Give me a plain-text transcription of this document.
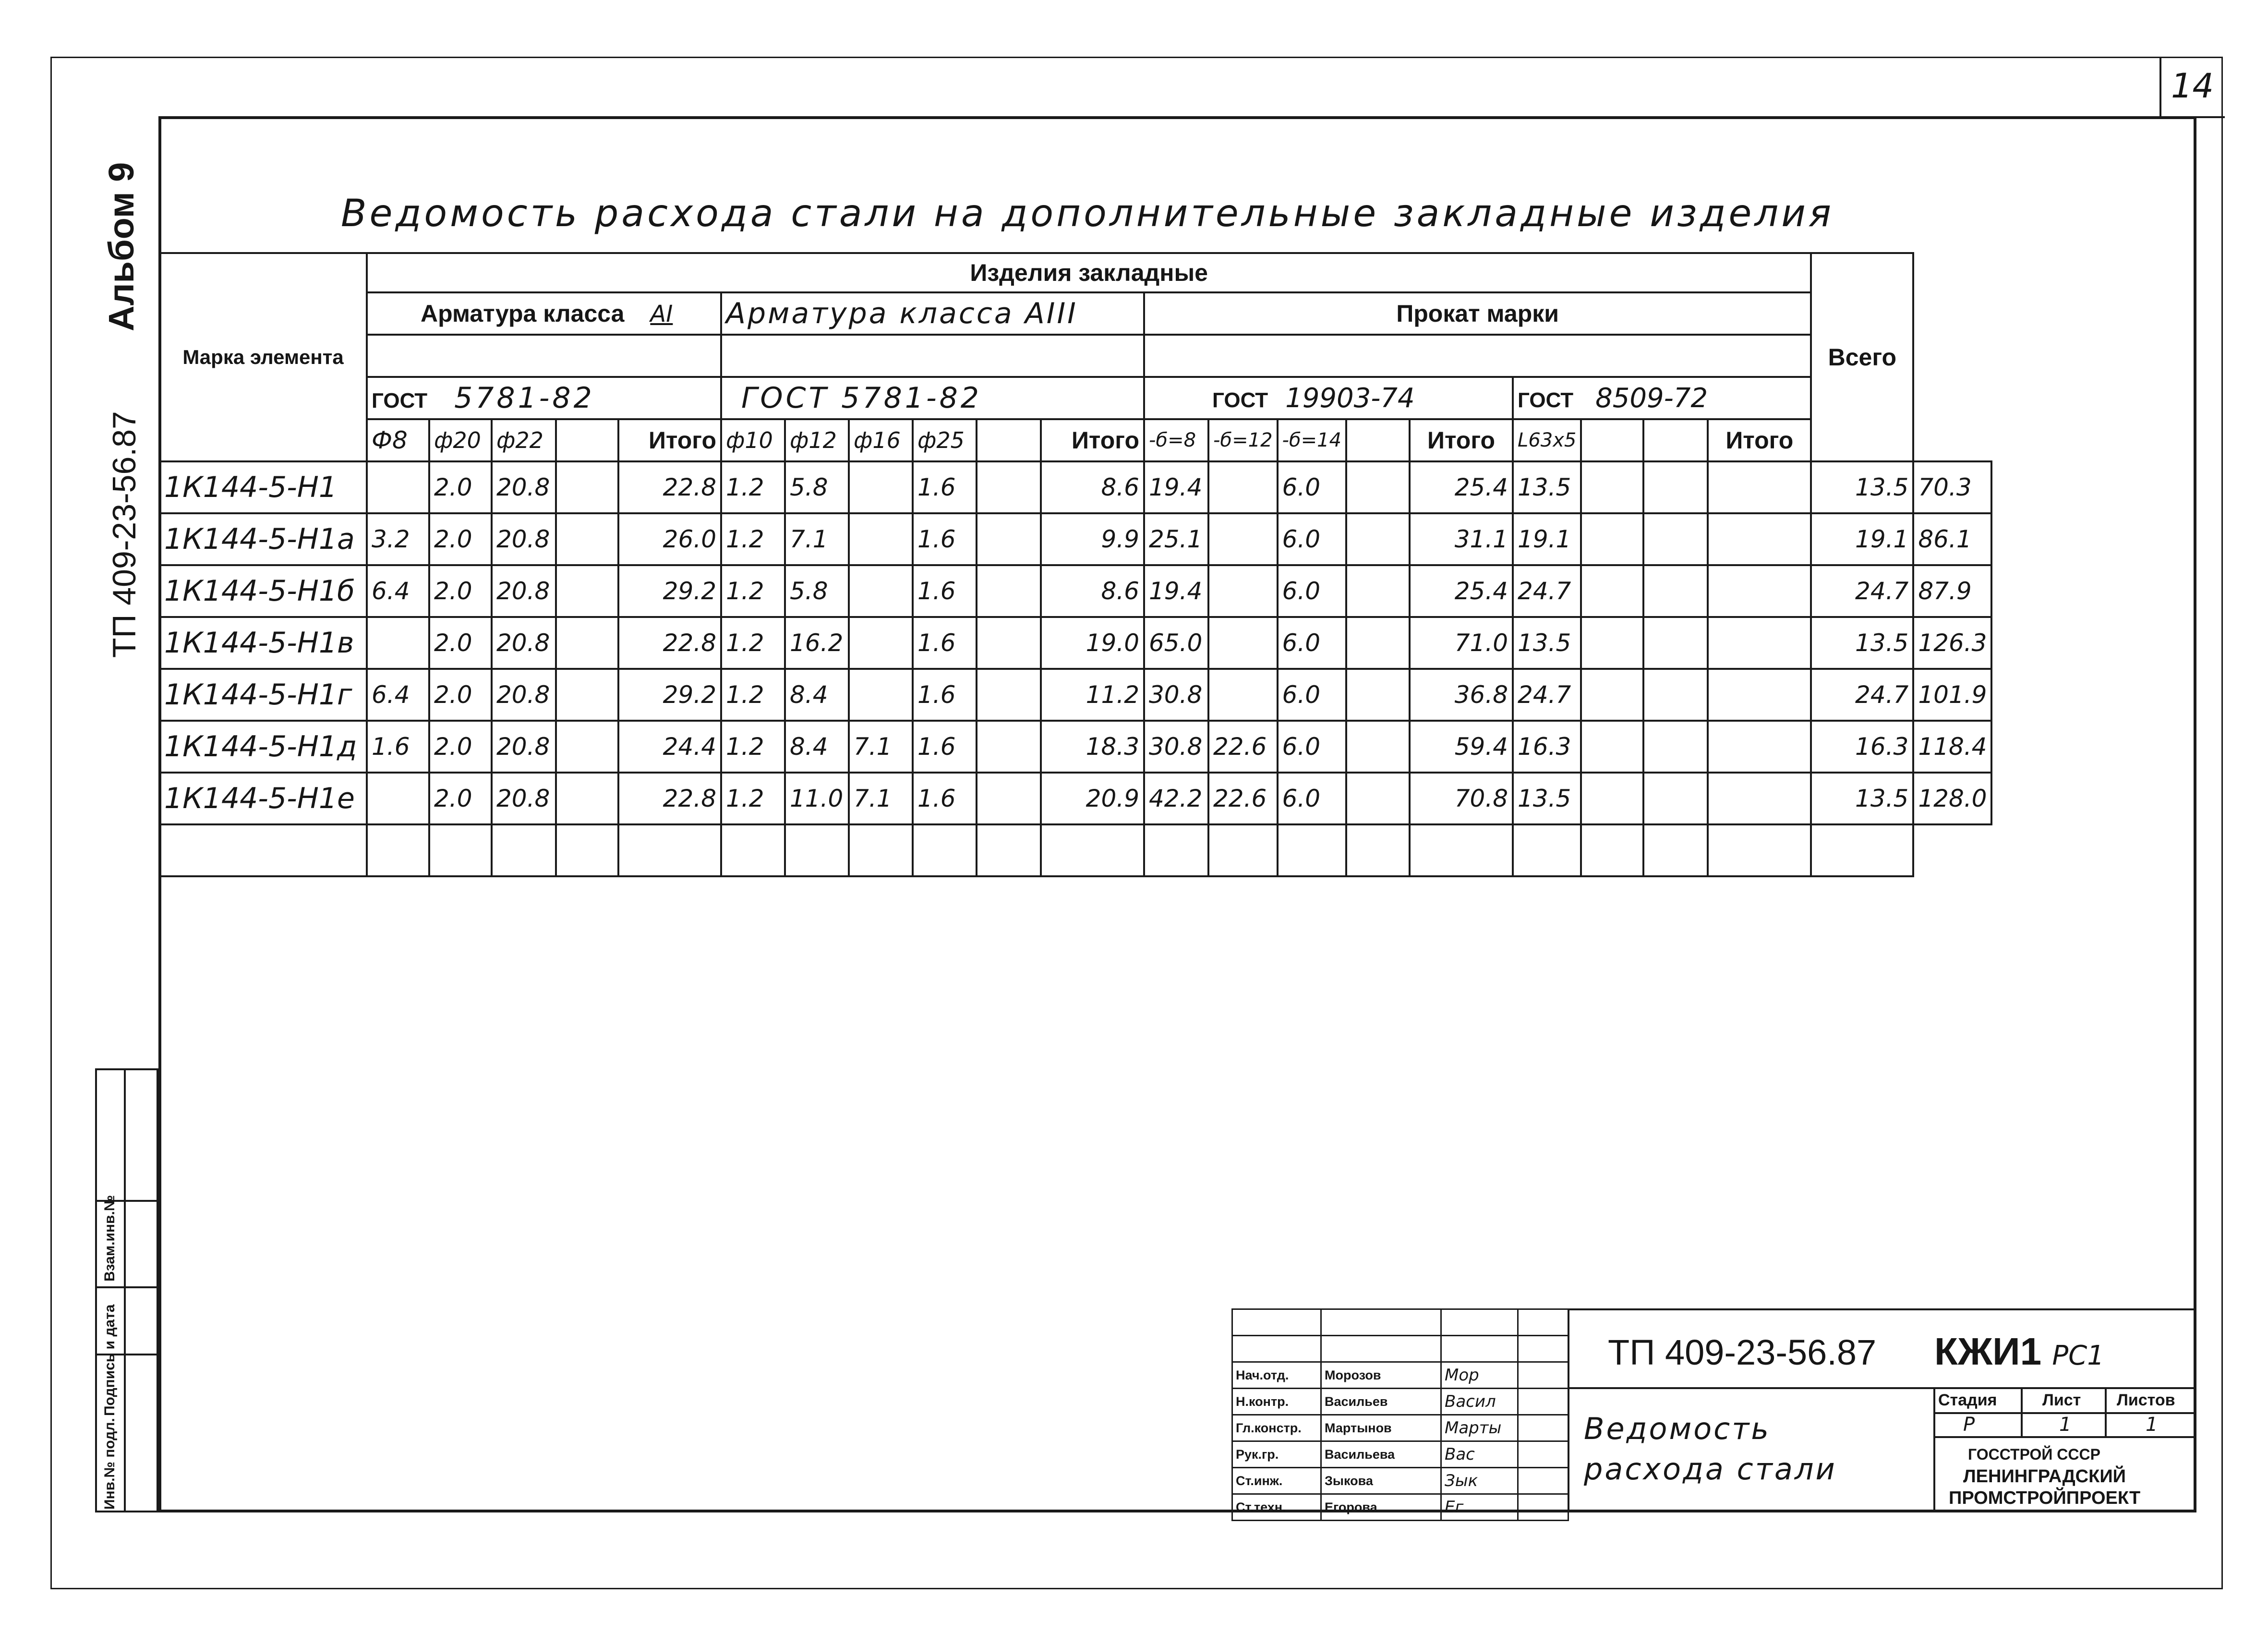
14
Альбом 9
ТП 409-23-56.87
Инв.№ подл.
Подпись и дата
Взам.инв.№
Ведомость расхода стали на дополнительные закладные изделия
Марка элемента	Изделия закладные																				Всего	
	Арматура класса АI					Арматура класса АIII						Прокат марки										

	ГОСТ 5781-82					ГОСТ 5781-82						ГОСТ 19903-74					ГОСТ 8509-72					
	Ф8	ф20	ф22		Итого	ф10	ф12	ф16	ф25		Итого	-б=8	-б=12	-б=14		Итого	L63х5			Итого		
1К144-5-Н1		2.0	20.8		22.8	1.2	5.8		1.6		8.6	19.4		6.0		25.4	13.5				13.5	70.3
1К144-5-Н1а	3.2	2.0	20.8		26.0	1.2	7.1		1.6		9.9	25.1		6.0		31.1	19.1				19.1	86.1
1К144-5-Н1б	6.4	2.0	20.8		29.2	1.2	5.8		1.6		8.6	19.4		6.0		25.4	24.7				24.7	87.9
1К144-5-Н1в		2.0	20.8		22.8	1.2	16.2		1.6		19.0	65.0		6.0		71.0	13.5				13.5	126.3
1К144-5-Н1г	6.4	2.0	20.8		29.2	1.2	8.4		1.6		11.2	30.8		6.0		36.8	24.7				24.7	101.9
1К144-5-Н1д	1.6	2.0	20.8		24.4	1.2	8.4	7.1	1.6		18.3	30.8	22.6	6.0		59.4	16.3				16.3	118.4
1К144-5-Н1е		2.0	20.8		22.8	1.2	11.0	7.1	1.6		20.9	42.2	22.6	6.0		70.8	13.5				13.5	128.0

Нач.отд.	Морозов	Мор	
Н.контр.	Васильев	Васил	
Гл.констр.	Мартынов	Марты	
Рук.гр.	Васильева	Вас	
Ст.инж.	Зыкова	Зык	
Ст.техн.	Егорова	Ег	
ТП 409-23-56.87 КЖИ1 РС1
Ведомость расхода стали
Стадия	Лист Листов
Р	1	1
ГОССТРОЙ СССР
ЛЕНИНГРАДСКИЙ
ПРОМСТРОЙПРОЕКТ
